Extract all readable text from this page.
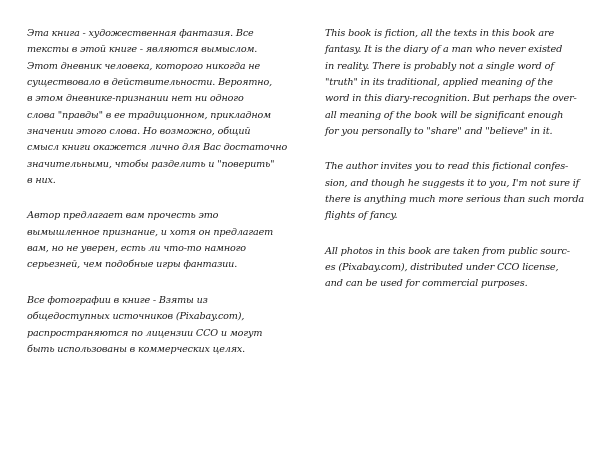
Эта книга - художественная фантазия. Все
тексты в этой книге - являются вымыслом.
Этот дневник человека, которого никогда не
существовало в действительности. Вероятно,
в этом дневнике-признании нет ни одного
слова "правды" в ее традиционном, прикладном
значении этого слова. Но возможно, общий
смысл книги окажется лично для Вас достаточно
значительными, чтобы разделить и "поверить"
в них.

Автор предлагает вам прочесть это
вымышленное признание, и хотя он предлагает
вам, но не уверен, есть ли что-то намного
серьезней, чем подобные игры фантазии.

Все фотографии в книге - Взяты из
общедоступных источников (Pixabay.com),
распространяются по лицензии CCO и могут
быть использованы в коммерческих целях.

This book is fiction, all the texts in this book are
fantasy. It is the diary of a man who never existed
in reality. There is probably not a single word of
"truth" in its traditional, applied meaning of the
word in this diary-recognition. But perhaps the over-
all meaning of the book will be significant enough
for you personally to "share" and "believe" in it.

The author invites you to read this fictional confes-
sion, and though he suggests it to you, I'm not sure if
there is anything much more serious than such morda
flights of fancy.

All photos in this book are taken from public sourc-
es (Pixabay.com), distributed under CCO license,
and can be used for commercial purposes.
